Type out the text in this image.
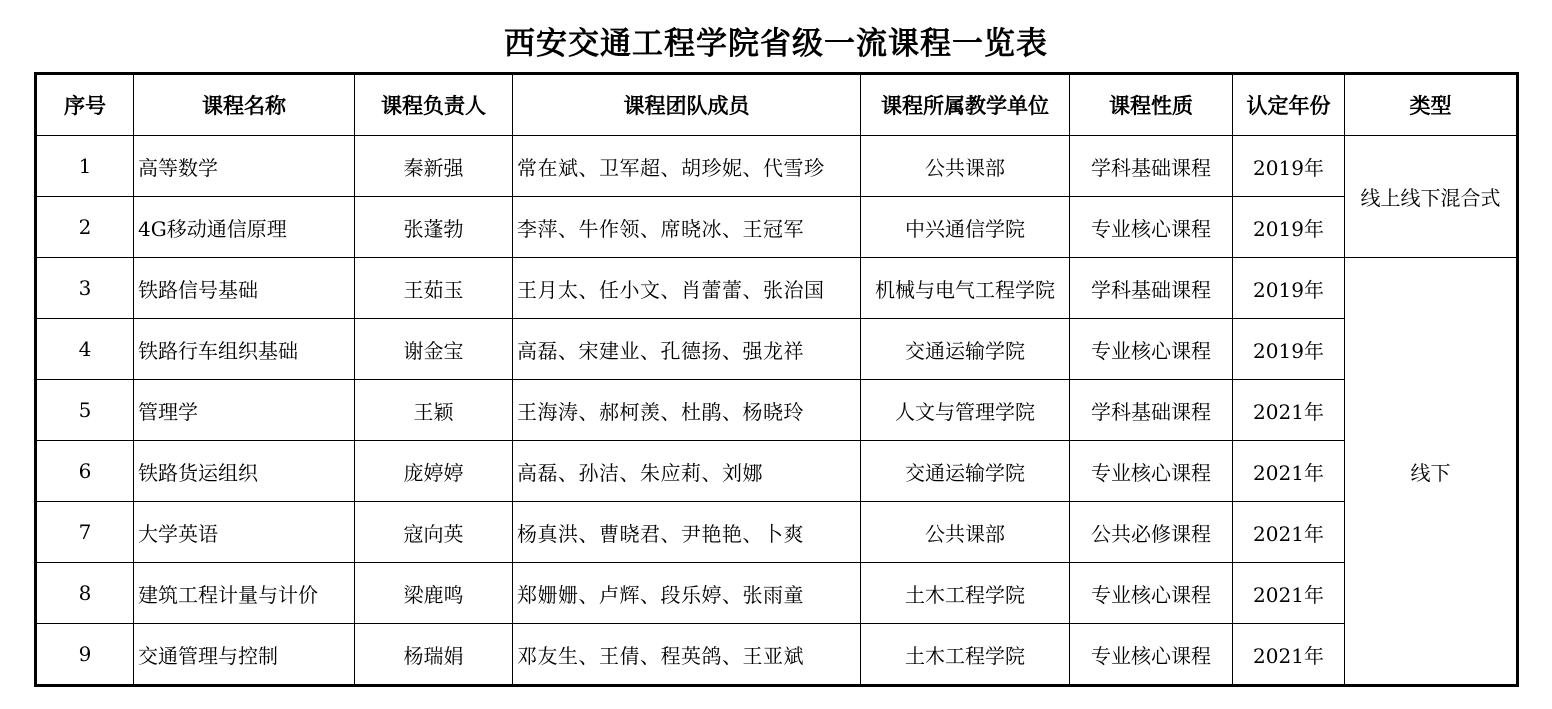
西安交通工程学院省级一流课程一览表
序号	课程名称	课程负责人	课程团队成员	课程所属教学单位	课程性质	认定年份	类型
1	高等数学	秦新强	常在斌、卫军超、胡珍妮、代雪珍	公共课部	学科基础课程	2019年	线上线下混合式
2	4G移动通信原理	张蓬勃	李萍、牛作领、席晓冰、王冠军	中兴通信学院	专业核心课程	2019年	
3	铁路信号基础	王茹玉	王月太、任小文、肖蕾蕾、张治国	机械与电气工程学院	学科基础课程	2019年	线下
4	铁路行车组织基础	谢金宝	高磊、宋建业、孔德扬、强龙祥	交通运输学院	专业核心课程	2019年	
5	管理学	王颖	王海涛、郝柯羡、杜鹃、杨晓玲	人文与管理学院	学科基础课程	2021年	
6	铁路货运组织	庞婷婷	高磊、孙洁、朱应莉、刘娜	交通运输学院	专业核心课程	2021年	
7	大学英语	寇向英	杨真洪、曹晓君、尹艳艳、卜爽	公共课部	公共必修课程	2021年	
8	建筑工程计量与计价	梁鹿鸣	郑姗姗、卢辉、段乐婷、张雨童	土木工程学院	专业核心课程	2021年	
9	交通管理与控制	杨瑞娟	邓友生、王倩、程英鸽、王亚斌	土木工程学院	专业核心课程	2021年	
